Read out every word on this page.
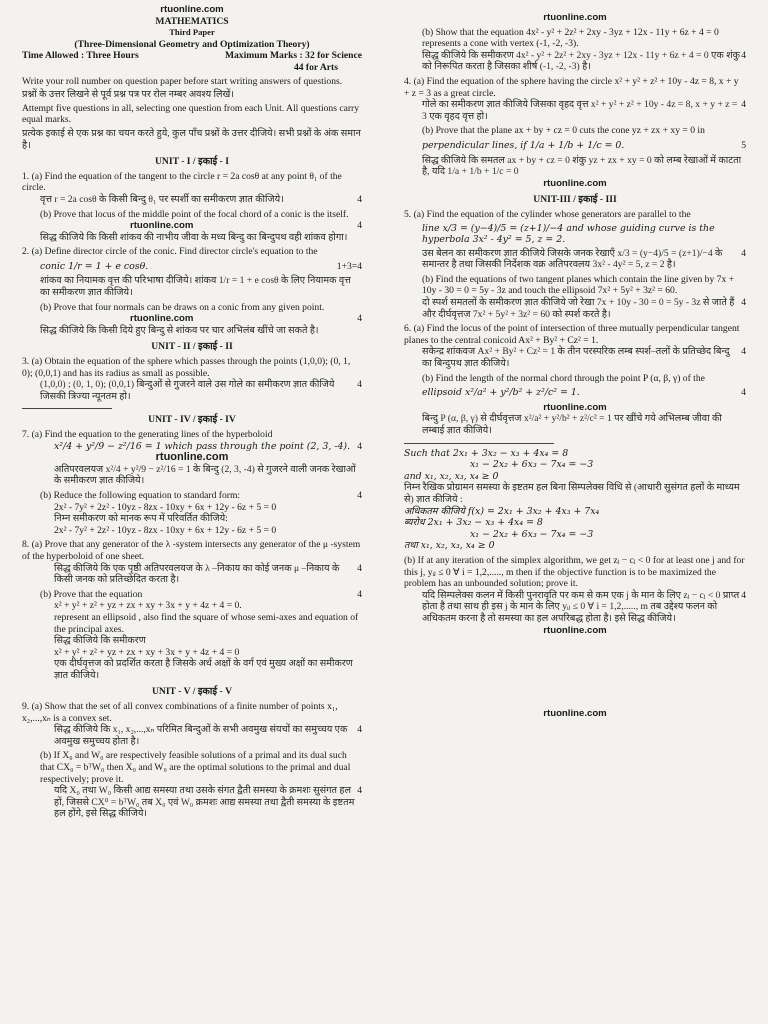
rtuonline.com
MATHEMATICS
Third Paper
(Three-Dimensional Geometry and Optimization Theory)
Time Allowed : Three Hours	Maximum Marks : 32 for Science
44 for Arts
Write your roll number on question paper before start writing answers of questions.
प्रश्नों के उत्तर लिखने से पूर्व प्रश्न पत्र पर रोल नम्बर अवश्य लिखें।
Attempt five questions in all, selecting one question from each Unit. All questions carry equal marks.
प्रत्येक इकाई से एक प्रश्न का चयन करते हुये, कुल पाँच प्रश्नों के उत्तर दीजिये। सभी प्रश्नों के अंक समान है।
UNIT - I / इकाई - I
1. (a) Find the equation of the tangent to the circle r = 2a cosθ at any point θ₁ of the circle.
4
वृत्त r = 2a cosθ के किसी बिन्दु θ₁ पर स्पर्शी का समीकरण ज्ञात कीजिये।
(b) Prove that locus of the middle point of the focal chord of a conic is the itself.
rtuonline.com	4
सिद्ध कीजिये कि किसी शांकव की नाभीय जीवा के मध्य बिन्दु का बिन्दुपथ वही शांकव होगा।
2. (a) Define director circle of the conic. Find director circle's equation to the
conic 1/r = 1 + e cosθ.	1+3=4
शांकव का नियामक वृत्त की परिभाषा दीजिये। शांकव 1/r = 1 + e cosθ के लिए नियामक वृत्त का समीकरण ज्ञात कीजिये।
(b) Prove that four normals can be draws on a conic from any given point.
rtuonline.com	4
सिद्ध कीजिये कि किसी दिये हुए बिन्दु से शांकव पर चार अभिलंब खींचे जा सकते है।
UNIT - II / इकाई - II
3. (a) Obtain the equation of the sphere which passes through the points (1,0,0); (0, 1, 0); (0,0,1) and has its radius as small as possible.
4
(1,0,0) ; (0, 1, 0); (0,0,1) बिन्दुओं से गुजरने वाले उस गोले का समीकरण ज्ञात कीजिये जिसकी त्रिज्या न्यूनतम हो।
UNIT - IV / इकाई - IV
7. (a) Find the equation to the generating lines of the hyperboloid
x²/4 + y²/9 − z²/16 = 1 which pass through the point (2, 3, -4). 4
rtuonline.com
अतिपरवलयज x²/4 + y²/9 − z²/16 = 1 के बिन्दु (2, 3, -4) से गुजरने वाली जनक रेखाओं के समीकरण ज्ञात कीजिये।
(b) Reduce the following equation to standard form:	4
2x² - 7y² + 2z² - 10yz - 8zx - 10xy + 6x + 12y - 6z + 5 = 0
निम्न समीकरण को मानक रूप में परिवर्तित कीजिये:
2x² - 7y² + 2z² - 10yz - 8zx - 10xy + 6x + 12y - 6z + 5 = 0
8. (a) Prove that any generator of the λ -system intersects any generator of the μ -system of the hyperboloid of one sheet.
4
सिद्ध कीजिये कि एक पृष्ठी अतिपरवलयज के λ –निकाय का कोई जनक μ –निकाय के किसी जनक को प्रतिच्छेदित करता है।
(b) Prove that the equation	4
x² + y² + z² + yz + zx + xy + 3x + y + 4z + 4 = 0.
represent an ellipsoid , also find the square of whose semi-axes and equation of the principal axes.
सिद्ध कीजिये कि समीकरण
x² + y² + z² + yz + zx + xy + 3x + y + 4z + 4 = 0
एक दीर्घवृत्तज को प्रदर्शित करता है जिसके अर्ध अक्षों के वर्ग एवं मुख्य अक्षों का समीकरण ज्ञात कीजिये।
UNIT - V / इकाई - V
9. (a) Show that the set of all convex combinations of a finite number of points x₁, x₂,...,xₙ is a convex set.
4
सिद्ध कीजिये कि x₁, x₂,...,xₙ परिमित बिन्दुओं के सभी अवमुख संयचों का समुच्चय एक अवमुख समुच्चय होता है।
(b) If X₀ and W₀ are respectively feasible solutions of a primal and its dual such that CX₀ = bᵀW₀ then X₀ and W₀ are the optimal solutions to the primal and dual respectively; prove it.
4
यदि X₀ तथा W₀ किसी आद्य समस्या तथा उसके संगत द्वैती समस्या के क्रमशः सुसंगत हल हों, जिससे CX⁰ = bᵀW₀ तब X₀ एवं W₀ क्रमशः आद्य समस्या तथा द्वैती समस्या के इष्टतम हल होंगे, इसे सिद्ध कीजिये।
rtuonline.com
(b) Show that the equation 4x² - y² + 2z² + 2xy - 3yz + 12x - 11y + 6z + 4 = 0 represents a cone with vertex (-1, -2, -3).
4
सिद्ध कीजिये कि समीकरण 4x² - y² + 2z² + 2xy - 3yz + 12x - 11y + 6z + 4 = 0 एक शंकु को निरूपित करता है जिसका शीर्ष (-1, -2, -3) है।
4. (a) Find the equation of the sphere having the circle x² + y² + z² + 10y - 4z = 8, x + y + z = 3 as a great circle.
4
गोले का समीकरण ज्ञात कीजिये जिसका वृहद वृत्त x² + y² + z² + 10y - 4z = 8, x + y + z = 3 एक वृहद वृत्त हो।
(b) Prove that the plane ax + by + cz = 0 cuts the cone yz + zx + xy = 0 in
perpendicular lines, if 1/a + 1/b + 1/c = 0.	5
सिद्ध कीजिये कि समतल ax + by + cz = 0 शंकु yz + zx + xy = 0 को लम्ब रेखाओं में काटता है, यदि 1/a + 1/b + 1/c = 0
rtuonline.com
UNIT-III / इकाई - III
5. (a) Find the equation of the cylinder whose generators are parallel to the
line x/3 = (y−4)/5 = (z+1)/−4 and whose guiding curve is the hyperbola 3x² - 4y² = 5, z = 2.
4
उस बेलन का समीकरण ज्ञात कीजिये जिसके जनक रेखाएँ x/3 = (y−4)/5 = (z+1)/−4 के समान्तर है तथा जिसकी निर्देशक वक्र अतिपरवलय 3x² - 4y² = 5, z = 2 है।
(b) Find the equations of two tangent planes which contain the line given by 7x + 10y - 30 = 0 = 5y - 3z and touch the ellipsoid 7x² + 5y² + 3z² = 60.
4
दो स्पर्श समतलों के समीकरण ज्ञात कीजिये जो रेखा 7x + 10y - 30 = 0 = 5y - 3z से जाते हैं और दीर्घवृत्तज 7x² + 5y² + 3z² = 60 को स्पर्श करते है।
6. (a) Find the locus of the point of intersection of three mutually perpendicular tangent planes to the central conicoid Ax² + By² + Cz² = 1.
4
सकेन्द्र शांकवज Ax² + By² + Cz² = 1 के तीन परस्परिक लम्ब स्पर्श–तलों के प्रतिच्छेद बिन्दु का बिन्दुपथ ज्ञात कीजिये।
(b) Find the length of the normal chord through the point P (α, β, γ) of the
ellipsoid x²/a² + y²/b² + z²/c² = 1.	4
rtuonline.com
बिन्दु P (α, β, γ) से दीर्घवृत्तज x²/a² + y²/b² + z²/c² = 1 पर खींचे गये अभिलम्ब जीवा की लम्बाई ज्ञात कीजिये।
Such that 2x₁ + 3x₂ − x₃ + 4x₄ = 8
x₁ − 2x₂ + 6x₃ − 7x₄ = −3
and x₁, x₂, x₃, x₄ ≥ 0
निम्न रैखिक प्रोग्रामन समस्या के इष्टतम हल बिना सिम्पलेक्स विधि से (आधारी सुसंगत हलों के माध्यम से) ज्ञात कीजिये :
अधिकतम कीजिये f(x) = 2x₁ + 3x₂ + 4x₃ + 7x₄
ब्यरोध 2x₁ + 3x₂ − x₃ + 4x₄ = 8
x₁ − 2x₂ + 6x₃ − 7x₄ = −3
तथा x₁, x₂, x₃, x₄ ≥ 0
(b) If at any iteration of the simplex algorithm, we get zⱼ − cⱼ < 0 for at least one j and for this j, yᵢⱼ ≤ 0 ∀ i = 1,2,....., m then if the objective function is to be maximized the problem has an unbounded solution; prove it.
4
यदि सिम्पलेक्स कलन में किसी पुनरावृति पर कम से कम एक j के मान के लिए zⱼ − cⱼ < 0 प्राप्त होता है तथा साथ ही इस j के मान के लिए yᵢⱼ ≤ 0 ∀ i = 1,2,....., m तब उद्देश्य फलन को अधिकतम करना है तो समस्या का हल अपरिबद्ध होता है। इसे सिद्ध कीजिये।
rtuonline.com
rtuonline.com
